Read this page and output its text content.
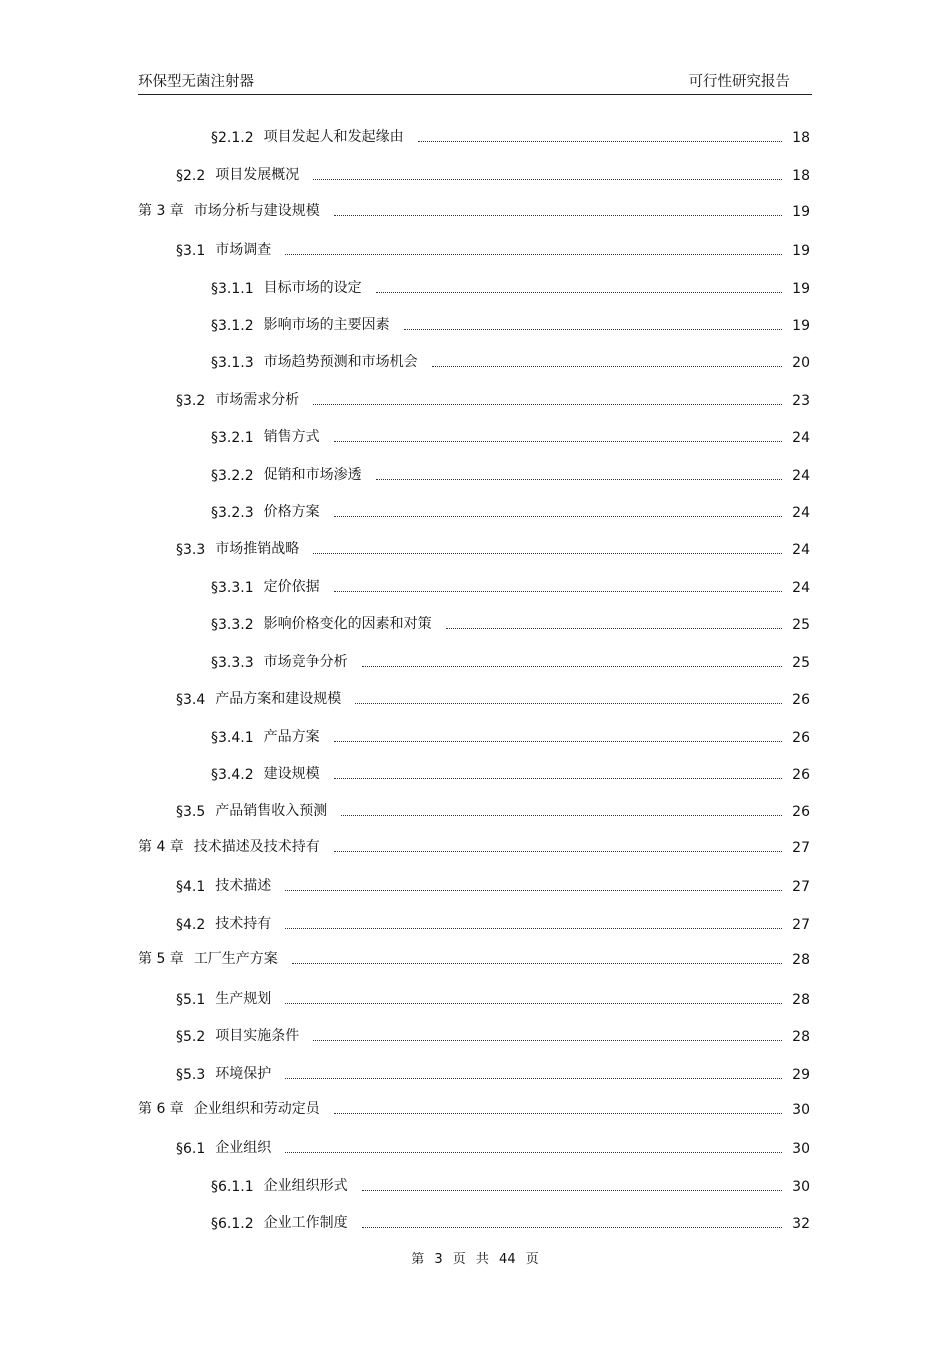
环保型无菌注射器	可行性研究报告
§2.1.2 项目发起人和发起缘由	18
§2.2 项目发展概况	18
第 3 章 市场分析与建设规模	19
§3.1 市场调查	19
§3.1.1 目标市场的设定	19
§3.1.2 影响市场的主要因素	19
§3.1.3 市场趋势预测和市场机会	20
§3.2 市场需求分析	23
§3.2.1 销售方式	24
§3.2.2 促销和市场渗透	24
§3.2.3 价格方案	24
§3.3 市场推销战略	24
§3.3.1 定价依据	24
§3.3.2 影响价格变化的因素和对策	25
§3.3.3 市场竞争分析	25
§3.4 产品方案和建设规模	26
§3.4.1 产品方案	26
§3.4.2 建设规模	26
§3.5 产品销售收入预测	26
第 4 章 技术描述及技术持有	27
§4.1 技术描述	27
§4.2 技术持有	27
第 5 章 工厂生产方案	28
§5.1 生产规划	28
§5.2 项目实施条件	28
§5.3 环境保护	29
第 6 章 企业组织和劳动定员	30
§6.1 企业组织	30
§6.1.1 企业组织形式	30
§6.1.2 企业工作制度	32
第 3 页 共 44 页
